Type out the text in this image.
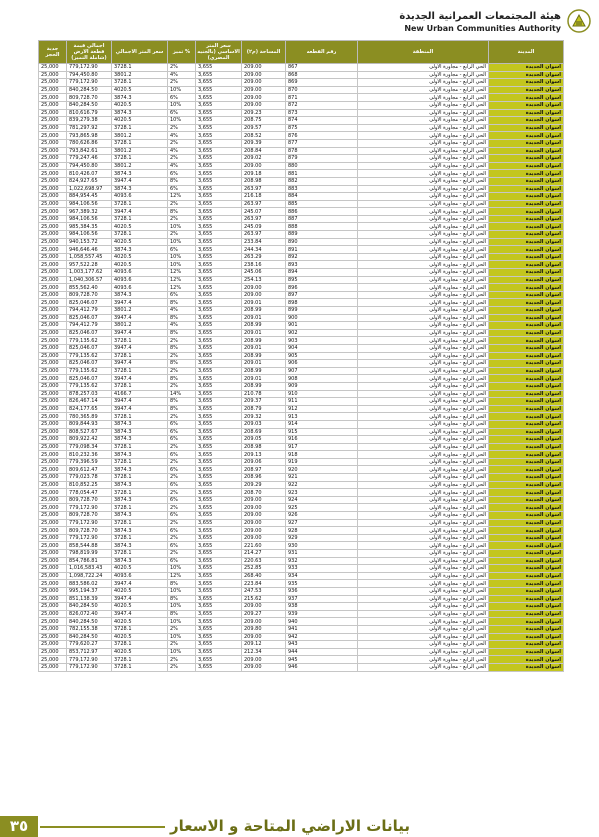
هيئة المجتمعات العمرانية الجديدة
New Urban Communities Authority
جدية الحجز	اجمالي قيمة قطعة الارض (شاملة التميز)	سعر المتر الاجمالي	تميز %	سعر المتر الاساسي (بالجنيه المصري)	المساحة (م٢)	رقم القطعه	المنطقة	المدينة
25,000	779,172.90	3728.1	2%	3,655	209.00	867	الحي الرابع - مجاورة الاولى	اسوان الجديدة
25,000	794,450.80	3801.2	4%	3,655	209.00	868	الحي الرابع - مجاورة الاولى	اسوان الجديدة
25,000	779,172.90	3728.1	2%	3,655	209.00	869	الحي الرابع - مجاورة الاولى	اسوان الجديدة
25,000	840,284.50	4020.5	10%	3,655	209.00	870	الحي الرابع - مجاورة الاولى	اسوان الجديدة
25,000	809,728.70	3874.3	6%	3,655	209.00	871	الحي الرابع - مجاورة الاولى	اسوان الجديدة
25,000	840,284.50	4020.5	10%	3,655	209.00	872	الحي الرابع - مجاورة الاولى	اسوان الجديدة
25,000	810,616.79	3874.3	6%	3,655	209.23	873	الحي الرابع - مجاورة الاولى	اسوان الجديدة
25,000	839,279.38	4020.5	10%	3,655	208.75	874	الحي الرابع - مجاورة الاولى	اسوان الجديدة
25,000	781,297.92	3728.1	2%	3,655	209.57	875	الحي الرابع - مجاورة الاولى	اسوان الجديدة
25,000	793,865.98	3801.2	4%	3,655	208.52	876	الحي الرابع - مجاورة الاولى	اسوان الجديدة
25,000	780,626.86	3728.1	2%	3,655	209.39	877	الحي الرابع - مجاورة الاولى	اسوان الجديدة
25,000	793,842.61	3801.2	4%	3,655	208.84	878	الحي الرابع - مجاورة الاولى	اسوان الجديدة
25,000	779,247.46	3728.1	2%	3,655	209.02	879	الحي الرابع - مجاورة الاولى	اسوان الجديدة
25,000	794,450.80	3801.2	4%	3,655	209.00	880	الحي الرابع - مجاورة الاولى	اسوان الجديدة
25,000	810,426.07	3874.3	6%	3,655	209.18	881	الحي الرابع - مجاورة الاولى	اسوان الجديدة
25,000	824,927.65	3947.4	8%	3,655	208.98	882	الحي الرابع - مجاورة الاولى	اسوان الجديدة
25,000	1,022,698.97	3874.3	6%	3,655	263.97	883	الحي الرابع - مجاورة الاولى	اسوان الجديدة
25,000	884,954.45	4093.6	12%	3,655	216.18	884	الحي الرابع - مجاورة الاولى	اسوان الجديدة
25,000	984,106.56	3728.1	2%	3,655	263.97	885	الحي الرابع - مجاورة الاولى	اسوان الجديدة
25,000	967,389.32	3947.4	8%	3,655	245.07	886	الحي الرابع - مجاورة الاولى	اسوان الجديدة
25,000	984,106.56	3728.1	2%	3,655	263.97	887	الحي الرابع - مجاورة الاولى	اسوان الجديدة
25,000	985,384.35	4020.5	10%	3,655	245.09	888	الحي الرابع - مجاورة الاولى	اسوان الجديدة
25,000	984,106.56	3728.1	2%	3,655	263.97	889	الحي الرابع - مجاورة الاولى	اسوان الجديدة
25,000	940,153.72	4020.5	10%	3,655	233.84	890	الحي الرابع - مجاورة الاولى	اسوان الجديدة
25,000	946,646.46	3874.3	6%	3,655	244.34	891	الحي الرابع - مجاورة الاولى	اسوان الجديدة
25,000	1,058,557.45	4020.5	10%	3,655	263.29	892	الحي الرابع - مجاورة الاولى	اسوان الجديدة
25,000	957,522.28	4020.5	10%	3,655	238.16	893	الحي الرابع - مجاورة الاولى	اسوان الجديدة
25,000	1,003,177.62	4093.6	12%	3,655	245.06	894	الحي الرابع - مجاورة الاولى	اسوان الجديدة
25,000	1,040,306.57	4093.6	12%	3,655	254.13	895	الحي الرابع - مجاورة الاولى	اسوان الجديدة
25,000	855,562.40	4093.6	12%	3,655	209.00	896	الحي الرابع - مجاورة الاولى	اسوان الجديدة
25,000	809,728.70	3874.3	6%	3,655	209.00	897	الحي الرابع - مجاورة الاولى	اسوان الجديدة
25,000	825,046.07	3947.4	8%	3,655	209.01	898	الحي الرابع - مجاورة الاولى	اسوان الجديدة
25,000	794,412.79	3801.2	4%	3,655	208.99	899	الحي الرابع - مجاورة الاولى	اسوان الجديدة
25,000	825,046.07	3947.4	8%	3,655	209.01	900	الحي الرابع - مجاورة الاولى	اسوان الجديدة
25,000	794,412.79	3801.2	4%	3,655	208.99	901	الحي الرابع - مجاورة الاولى	اسوان الجديدة
25,000	825,046.07	3947.4	8%	3,655	209.01	902	الحي الرابع - مجاورة الاولى	اسوان الجديدة
25,000	779,135.62	3728.1	2%	3,655	208.99	903	الحي الرابع - مجاورة الاولى	اسوان الجديدة
25,000	825,046.07	3947.4	8%	3,655	209.01	904	الحي الرابع - مجاورة الاولى	اسوان الجديدة
25,000	779,135.62	3728.1	2%	3,655	208.99	905	الحي الرابع - مجاورة الاولى	اسوان الجديدة
25,000	825,046.07	3947.4	8%	3,655	209.01	906	الحي الرابع - مجاورة الاولى	اسوان الجديدة
25,000	779,135.62	3728.1	2%	3,655	208.99	907	الحي الرابع - مجاورة الاولى	اسوان الجديدة
25,000	825,046.07	3947.4	8%	3,655	209.01	908	الحي الرابع - مجاورة الاولى	اسوان الجديدة
25,000	779,135.62	3728.1	2%	3,655	208.99	909	الحي الرابع - مجاورة الاولى	اسوان الجديدة
25,000	878,257.03	4166.7	14%	3,655	210.78	910	الحي الرابع - مجاورة الاولى	اسوان الجديدة
25,000	826,467.14	3947.4	8%	3,655	209.37	911	الحي الرابع - مجاورة الاولى	اسوان الجديدة
25,000	824,177.65	3947.4	8%	3,655	208.79	912	الحي الرابع - مجاورة الاولى	اسوان الجديدة
25,000	780,365.89	3728.1	2%	3,655	209.32	913	الحي الرابع - مجاورة الاولى	اسوان الجديدة
25,000	809,844.93	3874.3	6%	3,655	209.03	914	الحي الرابع - مجاورة الاولى	اسوان الجديدة
25,000	808,527.67	3874.3	6%	3,655	208.69	915	الحي الرابع - مجاورة الاولى	اسوان الجديدة
25,000	809,922.42	3874.3	6%	3,655	209.05	916	الحي الرابع - مجاورة الاولى	اسوان الجديدة
25,000	779,098.34	3728.1	2%	3,655	208.98	917	الحي الرابع - مجاورة الاولى	اسوان الجديدة
25,000	810,232.36	3874.3	6%	3,655	209.13	918	الحي الرابع - مجاورة الاولى	اسوان الجديدة
25,000	779,396.59	3728.1	2%	3,655	209.06	919	الحي الرابع - مجاورة الاولى	اسوان الجديدة
25,000	809,612.47	3874.3	6%	3,655	208.97	920	الحي الرابع - مجاورة الاولى	اسوان الجديدة
25,000	779,023.78	3728.1	2%	3,655	208.96	921	الحي الرابع - مجاورة الاولى	اسوان الجديدة
25,000	810,852.25	3874.3	6%	3,655	209.29	922	الحي الرابع - مجاورة الاولى	اسوان الجديدة
25,000	778,054.47	3728.1	2%	3,655	208.70	923	الحي الرابع - مجاورة الاولى	اسوان الجديدة
25,000	809,728.70	3874.3	6%	3,655	209.00	924	الحي الرابع - مجاورة الاولى	اسوان الجديدة
25,000	779,172.90	3728.1	2%	3,655	209.00	925	الحي الرابع - مجاورة الاولى	اسوان الجديدة
25,000	809,728.70	3874.3	6%	3,655	209.00	926	الحي الرابع - مجاورة الاولى	اسوان الجديدة
25,000	779,172.90	3728.1	2%	3,655	209.00	927	الحي الرابع - مجاورة الاولى	اسوان الجديدة
25,000	809,728.70	3874.3	6%	3,655	209.00	928	الحي الرابع - مجاورة الاولى	اسوان الجديدة
25,000	779,172.90	3728.1	2%	3,655	209.00	929	الحي الرابع - مجاورة الاولى	اسوان الجديدة
25,000	858,544.88	3874.3	6%	3,655	221.60	930	الحي الرابع - مجاورة الاولى	اسوان الجديدة
25,000	798,819.99	3728.1	2%	3,655	214.27	931	الحي الرابع - مجاورة الاولى	اسوان الجديدة
25,000	854,786.81	3874.3	6%	3,655	220.63	932	الحي الرابع - مجاورة الاولى	اسوان الجديدة
25,000	1,016,583.43	4020.5	10%	3,655	252.85	933	الحي الرابع - مجاورة الاولى	اسوان الجديدة
25,000	1,098,722.24	4093.6	12%	3,655	268.40	934	الحي الرابع - مجاورة الاولى	اسوان الجديدة
25,000	883,586.02	3947.4	8%	3,655	223.84	935	الحي الرابع - مجاورة الاولى	اسوان الجديدة
25,000	995,194.37	4020.5	10%	3,655	247.53	936	الحي الرابع - مجاورة الاولى	اسوان الجديدة
25,000	851,138.39	3947.4	8%	3,655	215.62	937	الحي الرابع - مجاورة الاولى	اسوان الجديدة
25,000	840,284.50	4020.5	10%	3,655	209.00	938	الحي الرابع - مجاورة الاولى	اسوان الجديدة
25,000	826,072.40	3947.4	8%	3,655	209.27	939	الحي الرابع - مجاورة الاولى	اسوان الجديدة
25,000	840,284.50	4020.5	10%	3,655	209.00	940	الحي الرابع - مجاورة الاولى	اسوان الجديدة
25,000	782,155.38	3728.1	2%	3,655	209.80	941	الحي الرابع - مجاورة الاولى	اسوان الجديدة
25,000	840,284.50	4020.5	10%	3,655	209.00	942	الحي الرابع - مجاورة الاولى	اسوان الجديدة
25,000	779,620.27	3728.1	2%	3,655	209.12	943	الحي الرابع - مجاورة الاولى	اسوان الجديدة
25,000	853,712.97	4020.5	10%	3,655	212.34	944	الحي الرابع - مجاورة الاولى	اسوان الجديدة
25,000	779,172.90	3728.1	2%	3,655	209.00	945	الحي الرابع - مجاورة الاولى	اسوان الجديدة
25,000	779,172.90	3728.1	2%	3,655	209.00	946	الحي الرابع - مجاورة الاولى	اسوان الجديدة
٣٥	بيانات الاراضي المتاحة و الاسعار
